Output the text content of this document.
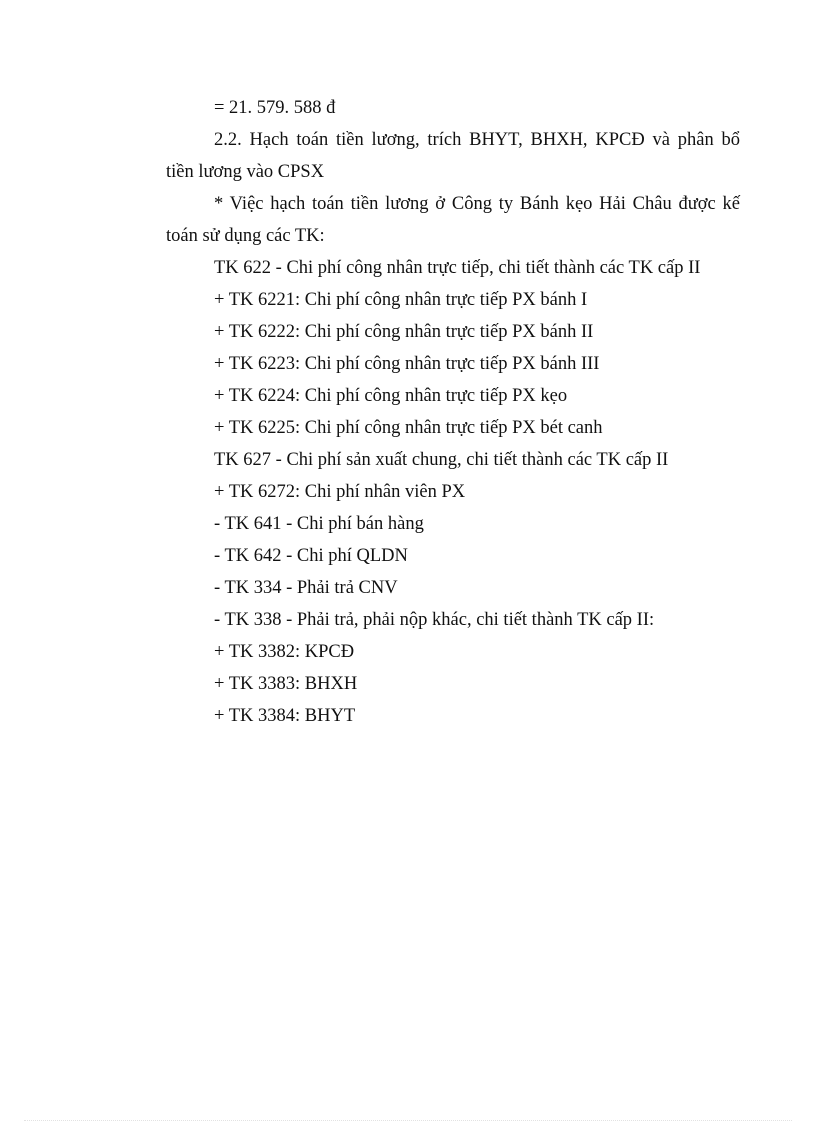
= 21. 579. 588 đ
2.2. Hạch toán tiền lương, trích BHYT, BHXH, KPCĐ và phân bổ
tiền lương vào CPSX
* Việc hạch toán tiền lương ở Công ty Bánh kẹo Hải Châu được kế
toán sử dụng các TK:
TK 622 - Chi phí công nhân trực tiếp, chi tiết thành các TK cấp II
+ TK 6221: Chi phí công nhân trực tiếp PX bánh I
+ TK 6222: Chi phí công nhân trực tiếp PX bánh II
+ TK 6223: Chi phí công nhân trực tiếp PX bánh III
+ TK 6224: Chi phí công nhân trực tiếp PX kẹo
+ TK 6225: Chi phí công nhân trực tiếp PX bét canh
TK 627 - Chi phí sản xuất chung, chi tiết thành các TK cấp II
+ TK 6272: Chi phí nhân viên PX
- TK 641 - Chi phí bán hàng
- TK 642 - Chi phí QLDN
- TK 334 - Phải trả CNV
- TK 338 - Phải trả, phải nộp khác, chi tiết thành TK cấp II:
+ TK 3382: KPCĐ
+ TK 3383: BHXH
+ TK 3384: BHYT
